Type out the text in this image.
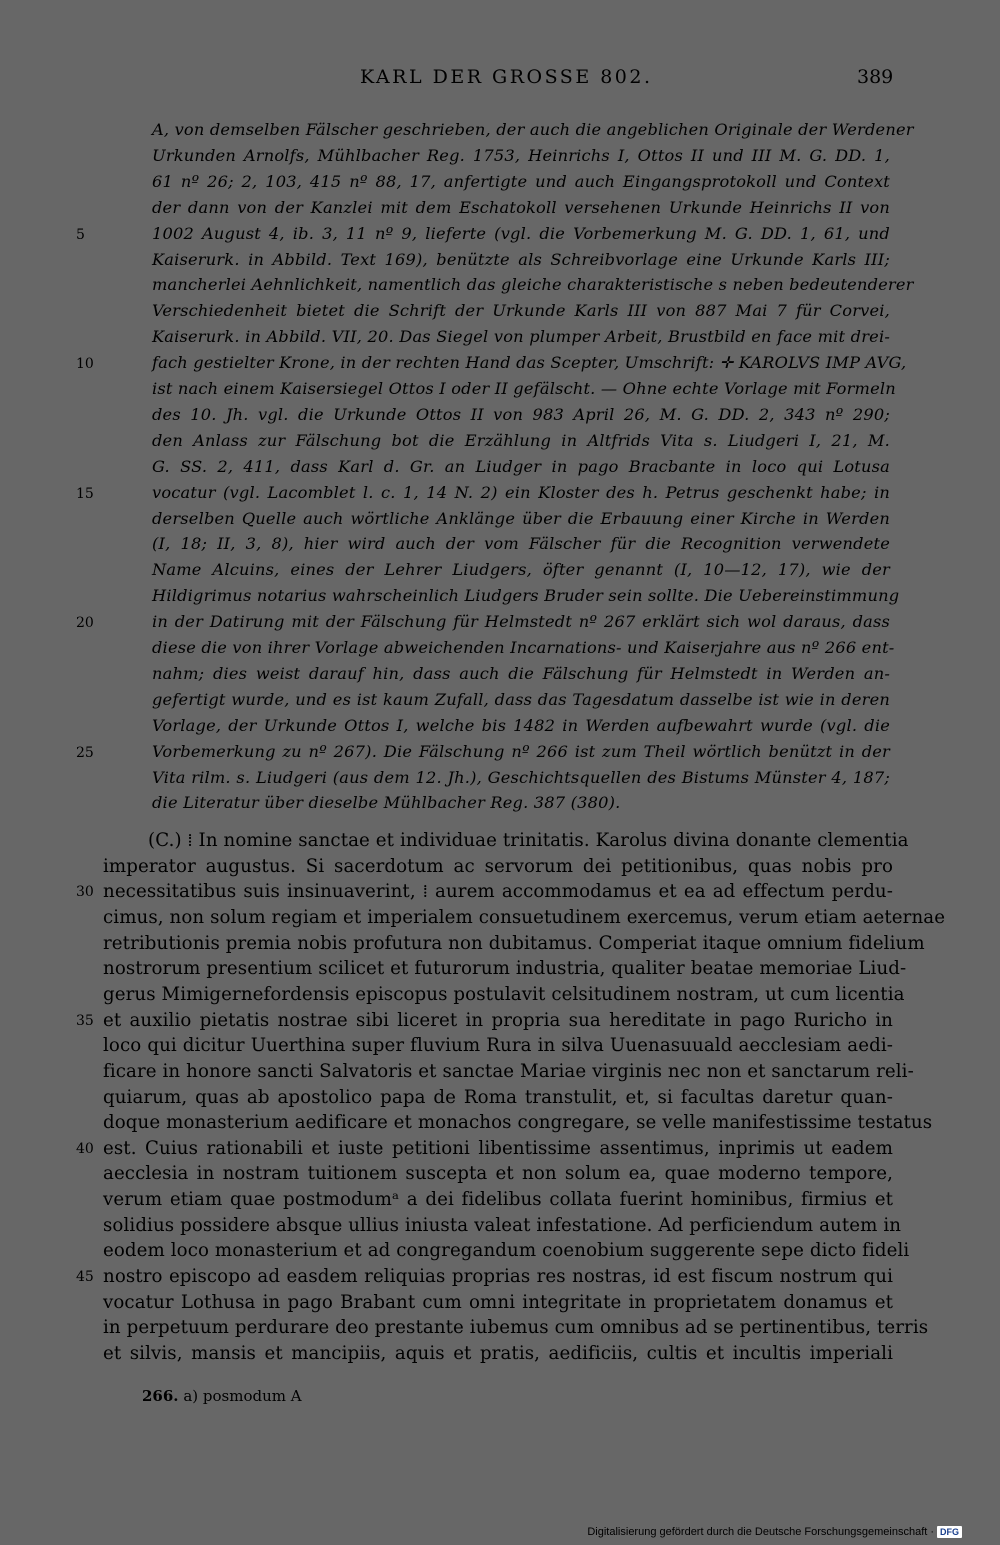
KARL DER GROSSE 802.	389
A, von demselben Fälscher geschrieben, der auch die angeblichen Originale der Werdener
Urkunden Arnolfs, Mühlbacher Reg. 1753, Heinrichs I, Ottos II und III M. G. DD. 1,
61 nº 26; 2, 103, 415 nº 88, 17, anfertigte und auch Eingangsprotokoll und Context
der dann von der Kanzlei mit dem Eschatokoll versehenen Urkunde Heinrichs II von
1002 August 4, ib. 3, 11 nº 9, lieferte (vgl. die Vorbemerkung M. G. DD. 1, 61, und
Kaiserurk. in Abbild. Text 169), benützte als Schreibvorlage eine Urkunde Karls III;
mancherlei Aehnlichkeit, namentlich das gleiche charakteristische s neben bedeutenderer
Verschiedenheit bietet die Schrift der Urkunde Karls III von 887 Mai 7 für Corvei,
Kaiserurk. in Abbild. VII, 20. Das Siegel von plumper Arbeit, Brustbild en face mit drei-
fach gestielter Krone, in der rechten Hand das Scepter, Umschrift: ✛ KAROLVS IMP AVG,
ist nach einem Kaisersiegel Ottos I oder II gefälscht. — Ohne echte Vorlage mit Formeln
des 10. Jh. vgl. die Urkunde Ottos II von 983 April 26, M. G. DD. 2, 343 nº 290;
den Anlass zur Fälschung bot die Erzählung in Altfrids Vita s. Liudgeri I, 21, M.
G. SS. 2, 411, dass Karl d. Gr. an Liudger in pago Bracbante in loco qui Lotusa
vocatur (vgl. Lacomblet l. c. 1, 14 N. 2) ein Kloster des h. Petrus geschenkt habe; in
derselben Quelle auch wörtliche Anklänge über die Erbauung einer Kirche in Werden
(I, 18; II, 3, 8), hier wird auch der vom Fälscher für die Recognition verwendete
Name Alcuins, eines der Lehrer Liudgers, öfter genannt (I, 10—12, 17), wie der
Hildigrimus notarius wahrscheinlich Liudgers Bruder sein sollte. Die Uebereinstimmung
in der Datirung mit der Fälschung für Helmstedt nº 267 erklärt sich wol daraus, dass
diese die von ihrer Vorlage abweichenden Incarnations- und Kaiserjahre aus nº 266 ent-
nahm; dies weist darauf hin, dass auch die Fälschung für Helmstedt in Werden an-
gefertigt wurde, und es ist kaum Zufall, dass das Tagesdatum dasselbe ist wie in deren
Vorlage, der Urkunde Ottos I, welche bis 1482 in Werden aufbewahrt wurde (vgl. die
Vorbemerkung zu nº 267). Die Fälschung nº 266 ist zum Theil wörtlich benützt in der
Vita rilm. s. Liudgeri (aus dem 12. Jh.), Geschichtsquellen des Bistums Münster 4, 187;
die Literatur über dieselbe Mühlbacher Reg. 387 (380).
(C.) ⁞ In nomine sanctae et individuae trinitatis. Karolus divina donante clementia
imperator augustus. Si sacerdotum ac servorum dei petitionibus, quas nobis pro
necessitatibus suis insinuaverint, ⁞ aurem accommodamus et ea ad effectum perdu-
cimus, non solum regiam et imperialem consuetudinem exercemus, verum etiam aeternae
retributionis premia nobis profutura non dubitamus. Comperiat itaque omnium fidelium
nostrorum presentium scilicet et futurorum industria, qualiter beatae memoriae Liud-
gerus Mimigernefordensis episcopus postulavit celsitudinem nostram, ut cum licentia
et auxilio pietatis nostrae sibi liceret in propria sua hereditate in pago Ruricho in
loco qui dicitur Uuerthina super fluvium Rura in silva Uuenasuuald aecclesiam aedi-
ficare in honore sancti Salvatoris et sanctae Mariae virginis nec non et sanctarum reli-
quiarum, quas ab apostolico papa de Roma transtulit, et, si facultas daretur quan-
doque monasterium aedificare et monachos congregare, se velle manifestissime testatus
est. Cuius rationabili et iuste petitioni libentissime assentimus, inprimis ut eadem
aecclesia in nostram tuitionem suscepta et non solum ea, quae moderno tempore,
verum etiam quae postmodumᵃ a dei fidelibus collata fuerint hominibus, firmius et
solidius possidere absque ullius iniusta valeat infestatione. Ad perficiendum autem in
eodem loco monasterium et ad congregandum coenobium suggerente sepe dicto fideli
nostro episcopo ad easdem reliquias proprias res nostras, id est fiscum nostrum qui
vocatur Lothusa in pago Brabant cum omni integritate in proprietatem donamus et
in perpetuum perdurare deo prestante iubemus cum omnibus ad se pertinentibus, terris
et silvis, mansis et mancipiis, aquis et pratis, aedificiis, cultis et incultis imperiali
5
10
15
20
25
30
35
40
45
266. a) posmodum A
Digitalisierung gefördert durch die Deutsche Forschungsgemeinschaft · DFG
